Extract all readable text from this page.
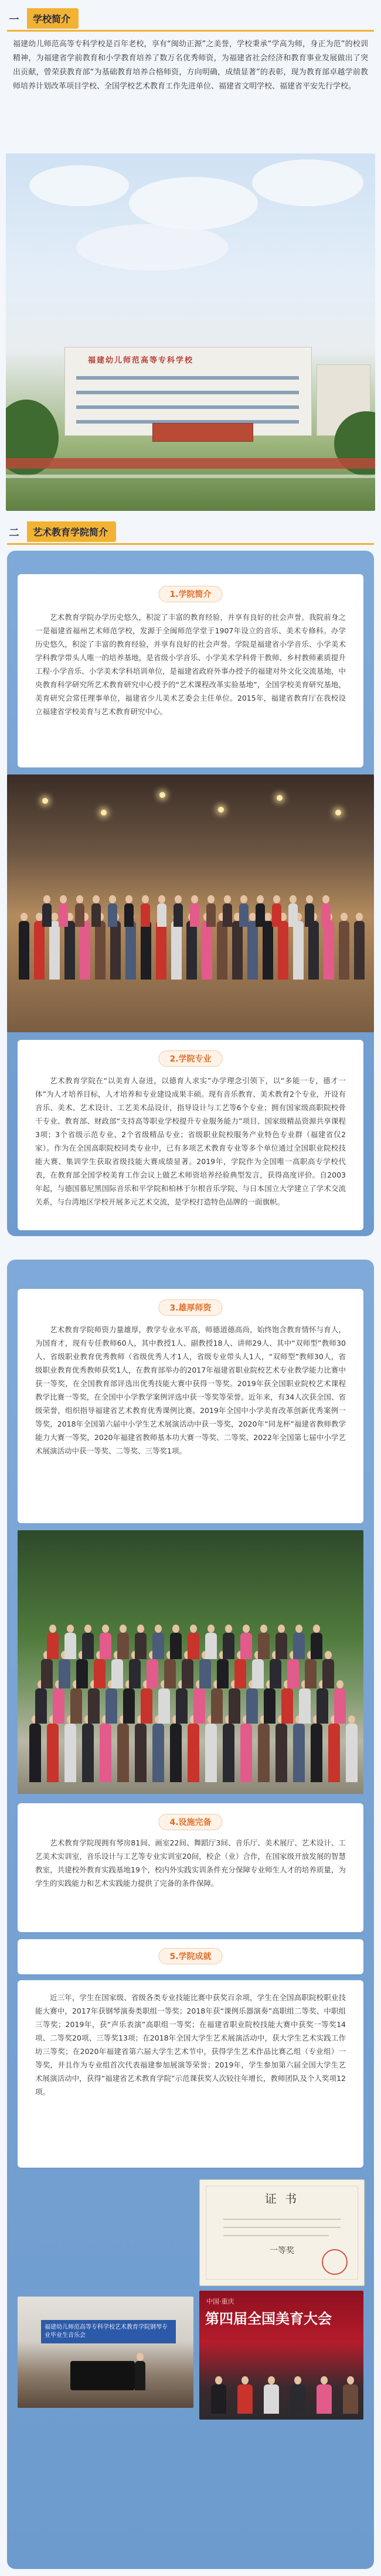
一	学校简介

福建幼儿师范高等专科学校是百年老校，享有“闽幼正源”之美誉，学校秉承“学高为师，身正为范”的校训精神，为福建省学前教育和小学教育培养了数万名优秀师资，为福建省社会经济和教育事业发展做出了突出贡献，曾荣获教育部“为基础教育培养合格师资，方向明确，成绩显著”的表彰，现为教育部卓越学前教师培养计划改革项目学校、全国学校艺术教育工作先进单位、福建省文明学校、福建省平安先行学校。

福建幼儿师范高等专科学校
二	艺术教育学院简介
1.学院简介

艺术教育学院办学历史悠久，积淀了丰富的教育经验，并享有良好的社会声誉。我院前身之一是福建省福州艺术师范学校，发源于全闽师范学堂于1907年设立的音乐、美术专修科。办学历史悠久，积淀了丰富的教育经验，并享有良好的社会声誉。学院是福建省小学音乐、小学美术学科教学带头人唯一的培养基地，是省级小学音乐、小学美术学科骨干教师、乡村教师素质提升工程·小学音乐、小学美术学科培训单位，是福建省政府外事办授予的福建对外文化交流基地，中央教育科学研究所艺术教育研究中心授予的“艺术课程改革实验基地”，全国学校美育研究基地，美育研究会常任理事单位，福建省少儿美术艺委会主任单位。2015年，福建省教育厅在我校设立福建省学校美育与艺术教育研究中心。

2.学院专业

艺术教育学院在“以美育人奋进，以德育人求实”办学理念引领下，以“多能一专，德才一体”为人才培养目标，人才培养和专业建设成果丰硕。现有音乐教育、美术教育2个专业，开设有音乐、美术、艺术设计、工艺美术品设计，指导设计与工艺等6个专业；拥有国家级高职院校骨干专业、教育部、财政部“支持高等职业学校提升专业服务能力”项目、国家级精品资源共享课程3项；3个省级示范专业、2个省级精品专业；省级职业院校服务产业特色专业群（福建省仅2家）。作为在全国高职院校同类专业中，已有多项艺术教育专业等多个单位通过全国职业院校技能大赛、集训学生获取省级技能大赛成绩显著。2019年，学院作为全国唯一高职高专学校代表，在教育部全国学校美育工作会议上做艺术师资培养经验典型发言，获得高度评价。自2003年起，与德国慕尼黑国际音乐和平学院和柏林于尔根音乐学院、与日本国立大学建立了学术交流关系，与台湾地区学校开展多元艺术交流，是学校打造特色品牌的一面旗帜。

3.雄厚师资

艺术教育学院师资力量雄厚，教学专业水平高，师德道德高尚，始终饱含教育情怀与育人，为国育才，现有专任教师60人，其中教授1人、副教授18人、讲师29人、其中“双师型”教师30人、省级职业教育优秀教师（省级优秀人才1人，省级专业带头人1人，“双师型”教师30人，省级职业教育优秀教师获奖1人，在教育部举办的2017年福建省职业院校艺术专业教学能力比赛中获一等奖，在全国教育部评选出优秀技能大赛中获得一等奖。2019年获全国职业院校艺术课程教学比赛一等奖，在全国中小学教学案例评选中获一等奖等荣誉。近年来，有34人次获全国、省级荣誉，组织指导福建省艺术教育优秀课例比赛。2019年全国中小学美育改革创新优秀案例一等奖，2018年全国第六届中小学生艺术展演活动中获一等奖，2020年“同龙杯”福建省教师教学能力大赛一等奖，2020年福建省教师基本功大赛一等奖、二等奖、2022年全国第七届中小学艺术展演活动中获一等奖、二等奖、三等奖1项。

4.设施完备

艺术教育学院现拥有琴房81间、画室22间、舞蹈厅3间、音乐厅、美术展厅、艺术设计、工艺美术实训室，音乐设计与工艺等专业实训室20间，校企（业）合作，在国家级开放发展的智慧教室，共建校外教育实践基地19个，校内外实践实训条件充分保障专业师生人才的培养质量，为学生的实践能力和艺术实践能力提供了完备的条件保障。

5.学院成就

近三年，学生在国家级、省级各类专业技能比赛中获奖百余项，学生在全国高职院校职业技能大赛中，2017年获钢琴演奏类职组一等奖；2018年获“课例乐器演奏”高职组二等奖、中职组三等奖；2019年，获“声乐表演”高职组一等奖；在福建省职业院校技能大赛中获奖一等奖14项、二等奖20项、三等奖13项；在2018年全国大学生艺术展演活动中，获大学生艺术实践工作坊三等奖；在2020年福建省第六届大学生艺术节中，获得学生艺术作品比赛乙组（专业组）一等奖，并且作为专业组首次代表福建参加展演等荣誉；2019年，学生参加第六届全国大学生艺术展演活动中，获得“福建省艺术教育学院”示范课获奖人次较往年增长，教师团队及个人奖项12项。

证 书
一等奖
中国·重庆
第四届全国美育大会
福建幼儿师范高等专科学校艺术教育学院钢琴专业毕业生音乐会
